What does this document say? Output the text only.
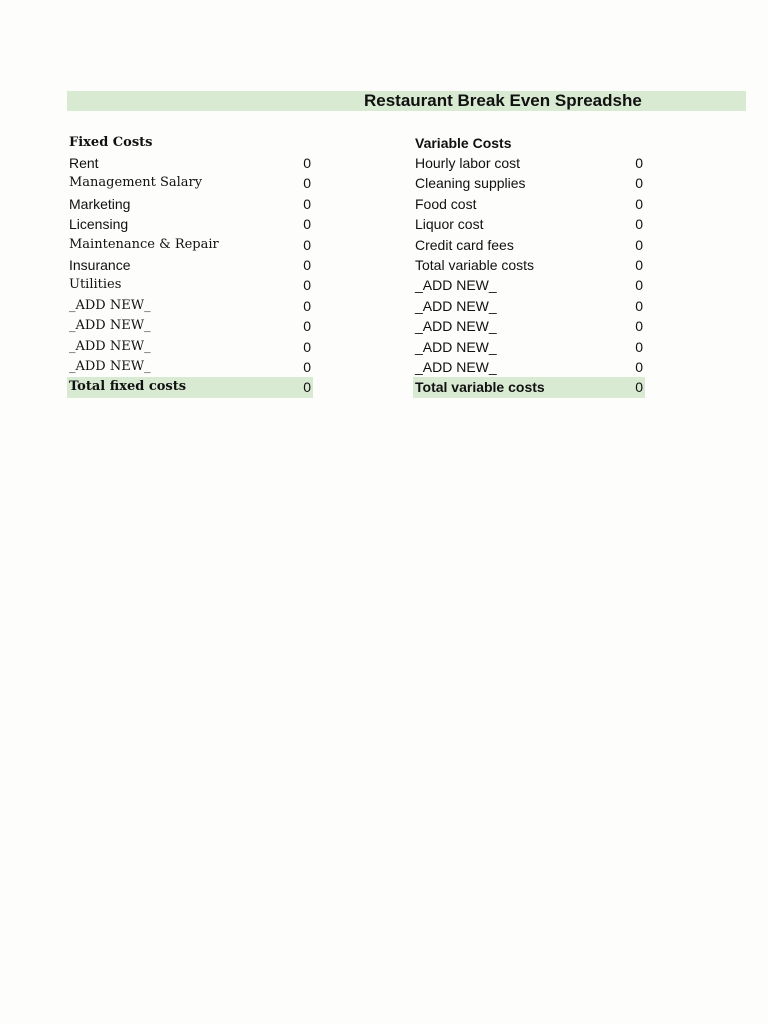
Restaurant Break Even Spreadshe
Fixed Costs
Rent	0
Management Salary	0
Marketing	0
Licensing	0
Maintenance & Repair	0
Insurance	0
Utilities	0
_ADD NEW_	0
_ADD NEW_	0
_ADD NEW_	0
_ADD NEW_	0
Total fixed costs	0
Variable Costs
Hourly labor cost	0
Cleaning supplies	0
Food cost	0
Liquor cost	0
Credit card fees	0
Total variable costs	0
_ADD NEW_	0
_ADD NEW_	0
_ADD NEW_	0
_ADD NEW_	0
_ADD NEW_	0
Total variable costs	0
